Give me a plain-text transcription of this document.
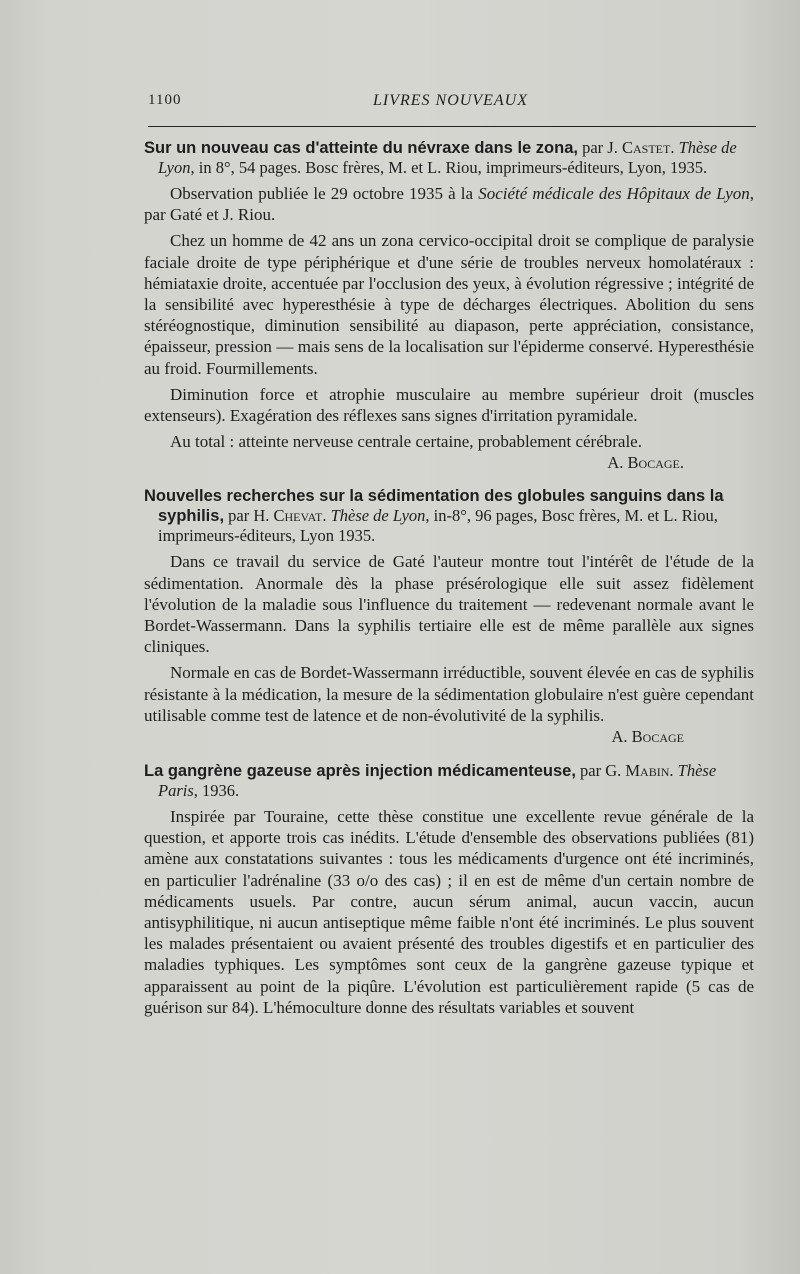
1100	LIVRES NOUVEAUX

Sur un nouveau cas d'atteinte du névraxe dans le zona, par J. Castet. Thèse de Lyon, in 8°, 54 pages. Bosc frères, M. et L. Riou, imprimeurs-éditeurs, Lyon, 1935.

Observation publiée le 29 octobre 1935 à la Société médicale des Hôpitaux de Lyon, par Gaté et J. Riou.

Chez un homme de 42 ans un zona cervico-occipital droit se complique de paralysie faciale droite de type périphérique et d'une série de troubles nerveux homolatéraux : hémiataxie droite, accentuée par l'occlusion des yeux, à évolution régressive ; intégrité de la sensibilité avec hyperesthésie à type de décharges électriques. Abolition du sens stéréognostique, diminution sensibilité au diapason, perte appréciation, consistance, épaisseur, pression — mais sens de la localisation sur l'épiderme conservé. Hyperesthésie au froid. Fourmillements.

Diminution force et atrophie musculaire au membre supérieur droit (muscles extenseurs). Exagération des réflexes sans signes d'irritation pyramidale.

Au total : atteinte nerveuse centrale certaine, probablement cérébrale.

A. Bocage.

Nouvelles recherches sur la sédimentation des globules sanguins dans la syphilis, par H. Chevat. Thèse de Lyon, in-8°, 96 pages, Bosc frères, M. et L. Riou, imprimeurs-éditeurs, Lyon 1935.

Dans ce travail du service de Gaté l'auteur montre tout l'intérêt de l'étude de la sédimentation. Anormale dès la phase présérologique elle suit assez fidèlement l'évolution de la maladie sous l'influence du traitement — redevenant normale avant le Bordet-Wassermann. Dans la syphilis tertiaire elle est de même parallèle aux signes cliniques.

Normale en cas de Bordet-Wassermann irréductible, souvent élevée en cas de syphilis résistante à la médication, la mesure de la sédimentation globulaire n'est guère cependant utilisable comme test de latence et de non-évolutivité de la syphilis.

A. Bocage

La gangrène gazeuse après injection médicamenteuse, par G. Mabin. Thèse Paris, 1936.

Inspirée par Touraine, cette thèse constitue une excellente revue générale de la question, et apporte trois cas inédits. L'étude d'ensemble des observations publiées (81) amène aux constatations suivantes : tous les médicaments d'urgence ont été incriminés, en particulier l'adrénaline (33 o/o des cas) ; il en est de même d'un certain nombre de médicaments usuels. Par contre, aucun sérum animal, aucun vaccin, aucun antisyphilitique, ni aucun antiseptique même faible n'ont été incriminés. Le plus souvent les malades présentaient ou avaient présenté des troubles digestifs et en particulier des maladies typhiques. Les symptômes sont ceux de la gangrène gazeuse typique et apparaissent au point de la piqûre. L'évolution est particulièrement rapide (5 cas de guérison sur 84). L'hémoculture donne des résultats variables et souvent
